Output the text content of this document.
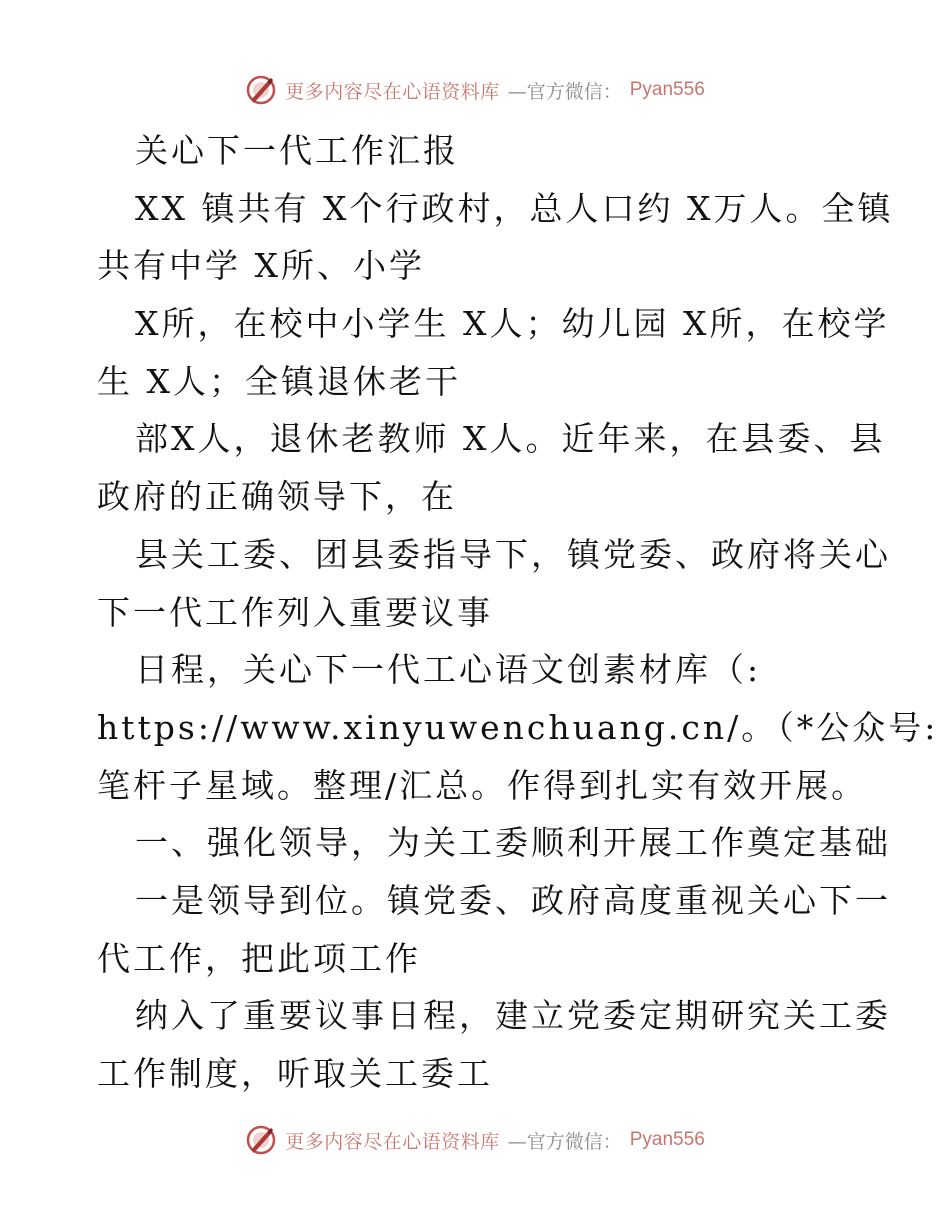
更多内容尽在心语资料库 —官方微信： Pyan556
关心下一代工作汇报
XX 镇共有 X个行政村，总人口约 X万人。全镇
共有中学 X所、小学
X所，在校中小学生 X人；幼儿园 X所，在校学
生 X人；全镇退休老干
部X人，退休老教师 X人。近年来，在县委、县
政府的正确领导下，在
县关工委、团县委指导下，镇党委、政府将关心
下一代工作列入重要议事
日程，关心下一代工心语文创素材库（:
https://www.xinyuwenchuang.cn/。（*公众号:
笔杆子星域。整理/汇总。作得到扎实有效开展。
一、强化领导，为关工委顺利开展工作奠定基础
一是领导到位。镇党委、政府高度重视关心下一
代工作，把此项工作
纳入了重要议事日程，建立党委定期研究关工委
工作制度，听取关工委工
更多内容尽在心语资料库 —官方微信： Pyan556
